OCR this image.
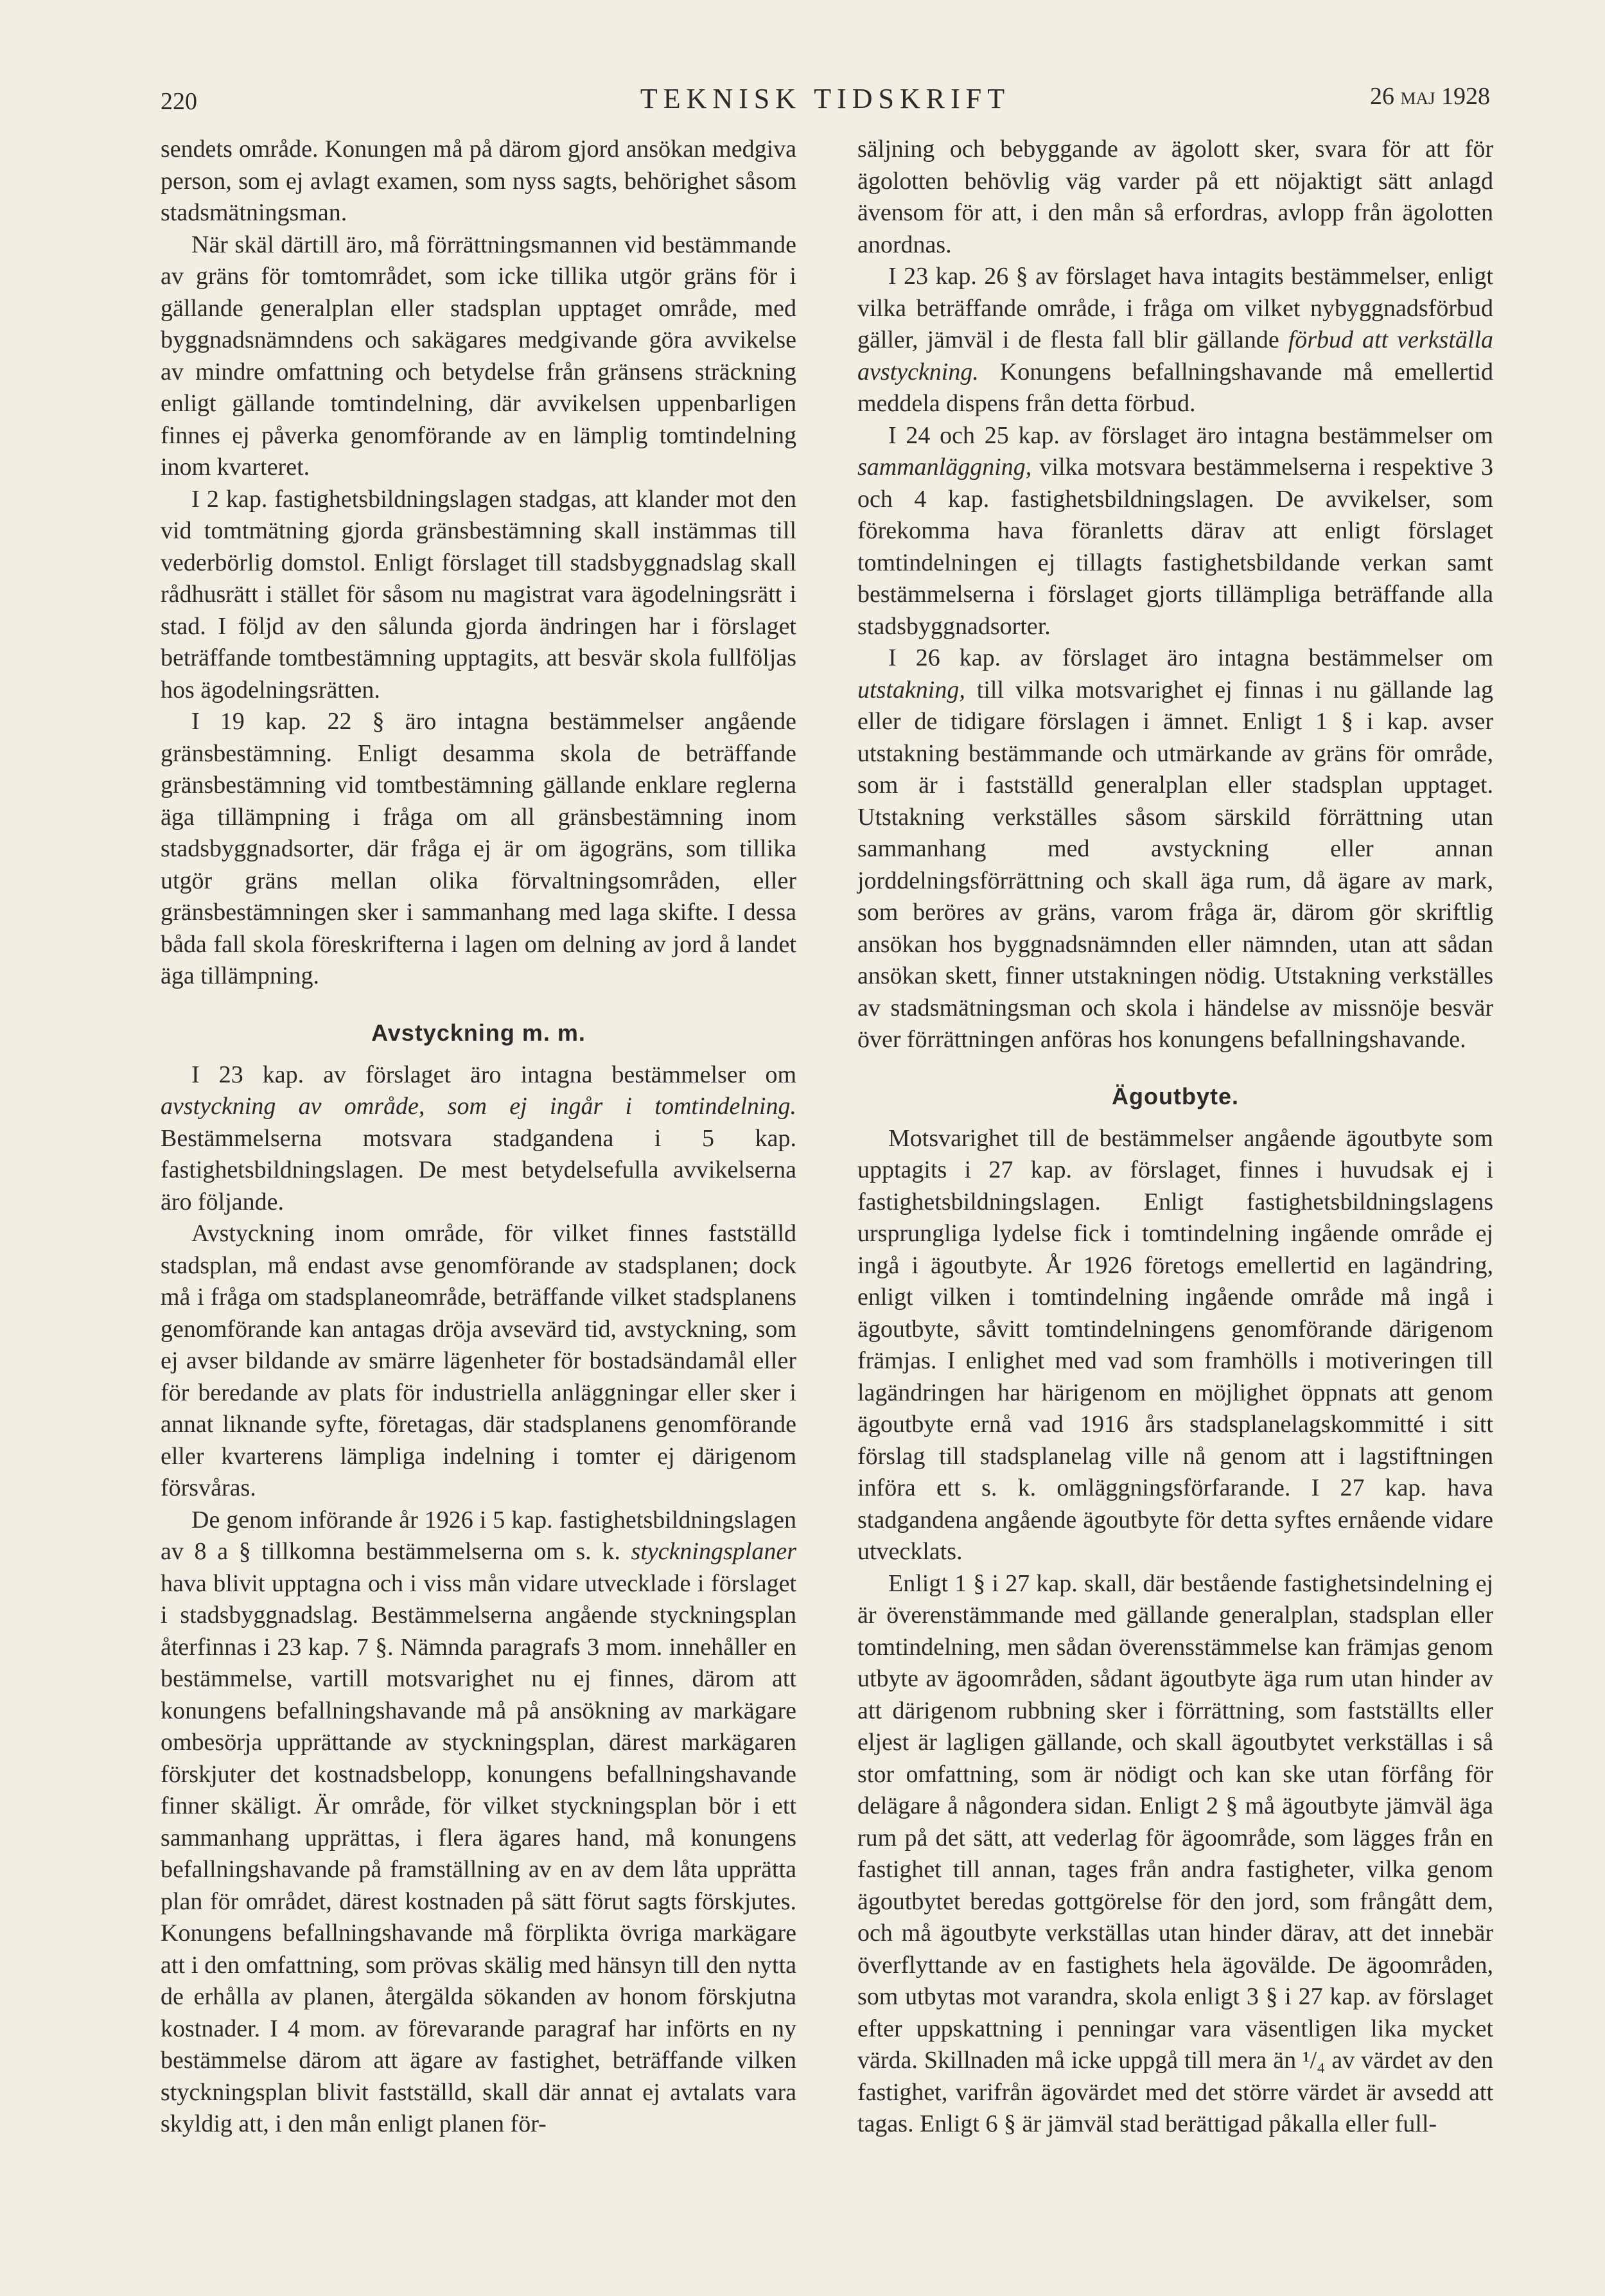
220	TEKNISK TIDSKRIFT	26 maj 1928

sendets område. Konungen må på därom gjord ansökan medgiva person, som ej avlagt examen, som nyss sagts, behörighet såsom stadsmätningsman.

När skäl därtill äro, må förrättningsmannen vid bestämmande av gräns för tomtområdet, som icke tillika utgör gräns för i gällande generalplan eller stadsplan upptaget område, med byggnadsnämndens och sakägares medgivande göra avvikelse av mindre omfattning och betydelse från gränsens sträckning enligt gällande tomtindelning, där avvikelsen uppenbarligen finnes ej påverka genomförande av en lämplig tomtindelning inom kvarteret.

I 2 kap. fastighetsbildningslagen stadgas, att klander mot den vid tomtmätning gjorda gränsbestämning skall instämmas till vederbörlig domstol. Enligt förslaget till stadsbyggnadslag skall rådhusrätt i stället för såsom nu magistrat vara ägodelningsrätt i stad. I följd av den sålunda gjorda ändringen har i förslaget beträffande tomtbestämning upptagits, att besvär skola fullföljas hos ägodelningsrätten.

I 19 kap. 22 § äro intagna bestämmelser angående gränsbestämning. Enligt desamma skola de beträffande gränsbestämning vid tomtbestämning gällande enklare reglerna äga tillämpning i fråga om all gränsbestämning inom stadsbyggnadsorter, där fråga ej är om ägogräns, som tillika utgör gräns mellan olika förvaltningsområden, eller gränsbestämningen sker i sammanhang med laga skifte. I dessa båda fall skola föreskrifterna i lagen om delning av jord å landet äga tillämpning.

Avstyckning m. m.

I 23 kap. av förslaget äro intagna bestämmelser om avstyckning av område, som ej ingår i tomtindelning. Bestämmelserna motsvara stadgandena i 5 kap. fastighetsbildningslagen. De mest betydelsefulla avvikelserna äro följande.

Avstyckning inom område, för vilket finnes fastställd stadsplan, må endast avse genomförande av stadsplanen; dock må i fråga om stadsplaneområde, beträffande vilket stadsplanens genomförande kan antagas dröja avsevärd tid, avstyckning, som ej avser bildande av smärre lägenheter för bostadsändamål eller för beredande av plats för industriella anläggningar eller sker i annat liknande syfte, företagas, där stadsplanens genomförande eller kvarterens lämpliga indelning i tomter ej därigenom försvåras.

De genom införande år 1926 i 5 kap. fastighetsbildningslagen av 8 a § tillkomna bestämmelserna om s. k. styckningsplaner hava blivit upptagna och i viss mån vidare utvecklade i förslaget i stadsbyggnadslag. Bestämmelserna angående styckningsplan återfinnas i 23 kap. 7 §. Nämnda paragrafs 3 mom. innehåller en bestämmelse, vartill motsvarighet nu ej finnes, därom att konungens befallningshavande må på ansökning av markägare ombesörja upprättande av styckningsplan, därest markägaren förskjuter det kostnadsbelopp, konungens befallningshavande finner skäligt. Är område, för vilket styckningsplan bör i ett sammanhang upprättas, i flera ägares hand, må konungens befallningshavande på framställning av en av dem låta upprätta plan för området, därest kostnaden på sätt förut sagts förskjutes. Konungens befallningshavande må förplikta övriga markägare att i den omfattning, som prövas skälig med hänsyn till den nytta de erhålla av planen, återgälda sökanden av honom förskjutna kostnader. I 4 mom. av förevarande paragraf har införts en ny bestämmelse därom att ägare av fastighet, beträffande vilken styckningsplan blivit fastställd, skall där annat ej avtalats vara skyldig att, i den mån enligt planen för-

säljning och bebyggande av ägolott sker, svara för att för ägolotten behövlig väg varder på ett nöjaktigt sätt anlagd ävensom för att, i den mån så erfordras, avlopp från ägolotten anordnas.

I 23 kap. 26 § av förslaget hava intagits bestämmelser, enligt vilka beträffande område, i fråga om vilket nybyggnadsförbud gäller, jämväl i de flesta fall blir gällande förbud att verkställa avstyckning. Konungens befallningshavande må emellertid meddela dispens från detta förbud.

I 24 och 25 kap. av förslaget äro intagna bestämmelser om sammanläggning, vilka motsvara bestämmelserna i respektive 3 och 4 kap. fastighetsbildningslagen. De avvikelser, som förekomma hava föranletts därav att enligt förslaget tomtindelningen ej tillagts fastighetsbildande verkan samt bestämmelserna i förslaget gjorts tillämpliga beträffande alla stadsbyggnadsorter.

I 26 kap. av förslaget äro intagna bestämmelser om utstakning, till vilka motsvarighet ej finnas i nu gällande lag eller de tidigare förslagen i ämnet. Enligt 1 § i kap. avser utstakning bestämmande och utmärkande av gräns för område, som är i fastställd generalplan eller stadsplan upptaget. Utstakning verkställes såsom särskild förrättning utan sammanhang med avstyckning eller annan jorddelningsförrättning och skall äga rum, då ägare av mark, som beröres av gräns, varom fråga är, därom gör skriftlig ansökan hos byggnadsnämnden eller nämnden, utan att sådan ansökan skett, finner utstakningen nödig. Utstakning verkställes av stadsmätningsman och skola i händelse av missnöje besvär över förrättningen anföras hos konungens befallningshavande.

Ägoutbyte.

Motsvarighet till de bestämmelser angående ägoutbyte som upptagits i 27 kap. av förslaget, finnes i huvudsak ej i fastighetsbildningslagen. Enligt fastighetsbildningslagens ursprungliga lydelse fick i tomtindelning ingående område ej ingå i ägoutbyte. År 1926 företogs emellertid en lagändring, enligt vilken i tomtindelning ingående område må ingå i ägoutbyte, såvitt tomtindelningens genomförande därigenom främjas. I enlighet med vad som framhölls i motiveringen till lagändringen har härigenom en möjlighet öppnats att genom ägoutbyte ernå vad 1916 års stadsplanelagskommitté i sitt förslag till stadsplanelag ville nå genom att i lagstiftningen införa ett s. k. omläggningsförfarande. I 27 kap. hava stadgandena angående ägoutbyte för detta syftes ernående vidare utvecklats.

Enligt 1 § i 27 kap. skall, där bestående fastighetsindelning ej är överenstämmande med gällande generalplan, stadsplan eller tomtindelning, men sådan överensstämmelse kan främjas genom utbyte av ägoområden, sådant ägoutbyte äga rum utan hinder av att därigenom rubbning sker i förrättning, som fastställts eller eljest är lagligen gällande, och skall ägoutbytet verkställas i så stor omfattning, som är nödigt och kan ske utan förfång för delägare å någondera sidan. Enligt 2 § må ägoutbyte jämväl äga rum på det sätt, att vederlag för ägoområde, som lägges från en fastighet till annan, tages från andra fastigheter, vilka genom ägoutbytet beredas gottgörelse för den jord, som frångått dem, och må ägoutbyte verkställas utan hinder därav, att det innebär överflyttande av en fastighets hela ägovälde. De ägoområden, som utbytas mot varandra, skola enligt 3 § i 27 kap. av förslaget efter uppskattning i penningar vara väsentligen lika mycket värda. Skillnaden må icke uppgå till mera än ¹/₄ av värdet av den fastighet, varifrån ägovärdet med det större värdet är avsedd att tagas. Enligt 6 § är jämväl stad berättigad påkalla eller full-
